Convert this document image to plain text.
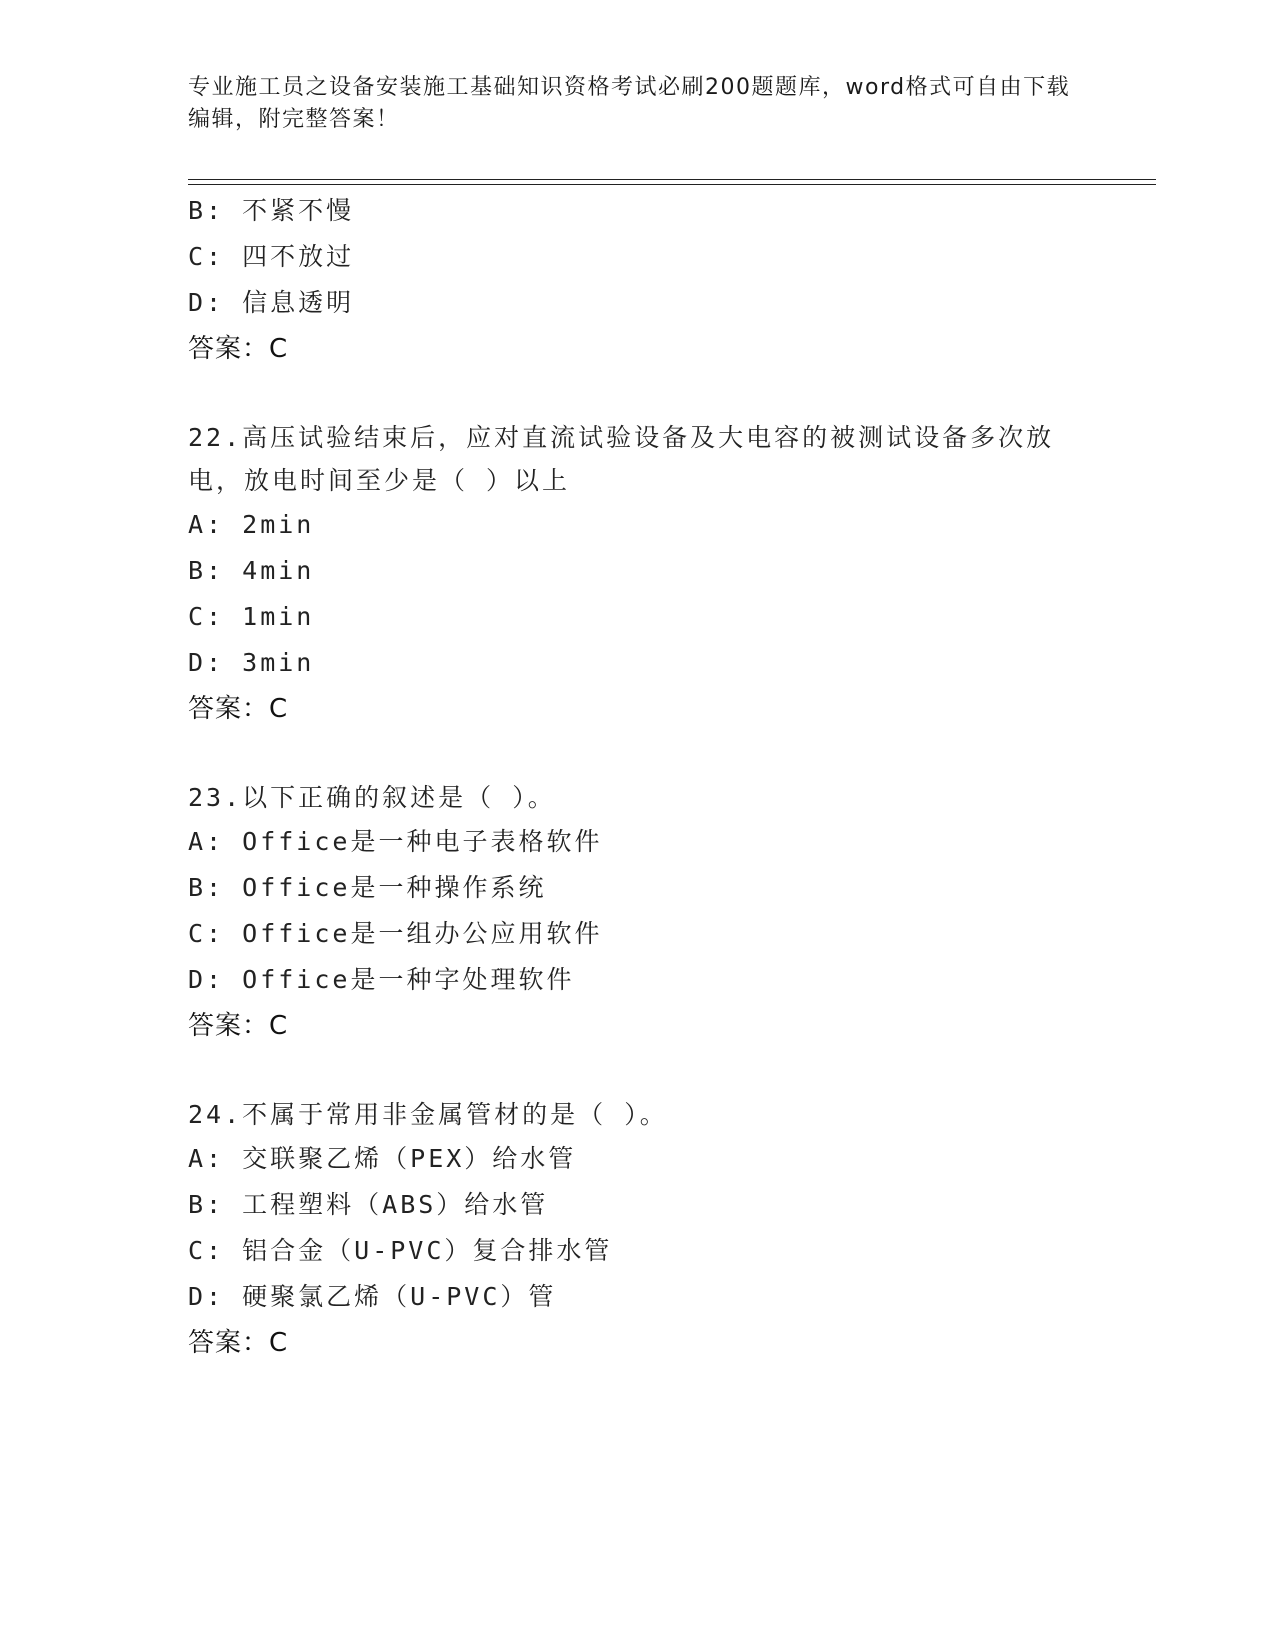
专业施工员之设备安装施工基础知识资格考试必刷200题题库，word格式可自由下载编辑，附完整答案！
B: 不紧不慢
C: 四不放过
D: 信息透明
答案：C
22.高压试验结束后，应对直流试验设备及大电容的被测试设备多次放电，放电时间至少是（ ）以上
A: 2min
B: 4min
C: 1min
D: 3min
答案：C
23.以下正确的叙述是（ ）。
A: Office是一种电子表格软件
B: Office是一种操作系统
C: Office是一组办公应用软件
D: Office是一种字处理软件
答案：C
24.不属于常用非金属管材的是（ ）。
A: 交联聚乙烯（PEX）给水管
B: 工程塑料（ABS）给水管
C: 铝合金（U-PVC）复合排水管
D: 硬聚氯乙烯（U-PVC）管
答案：C
